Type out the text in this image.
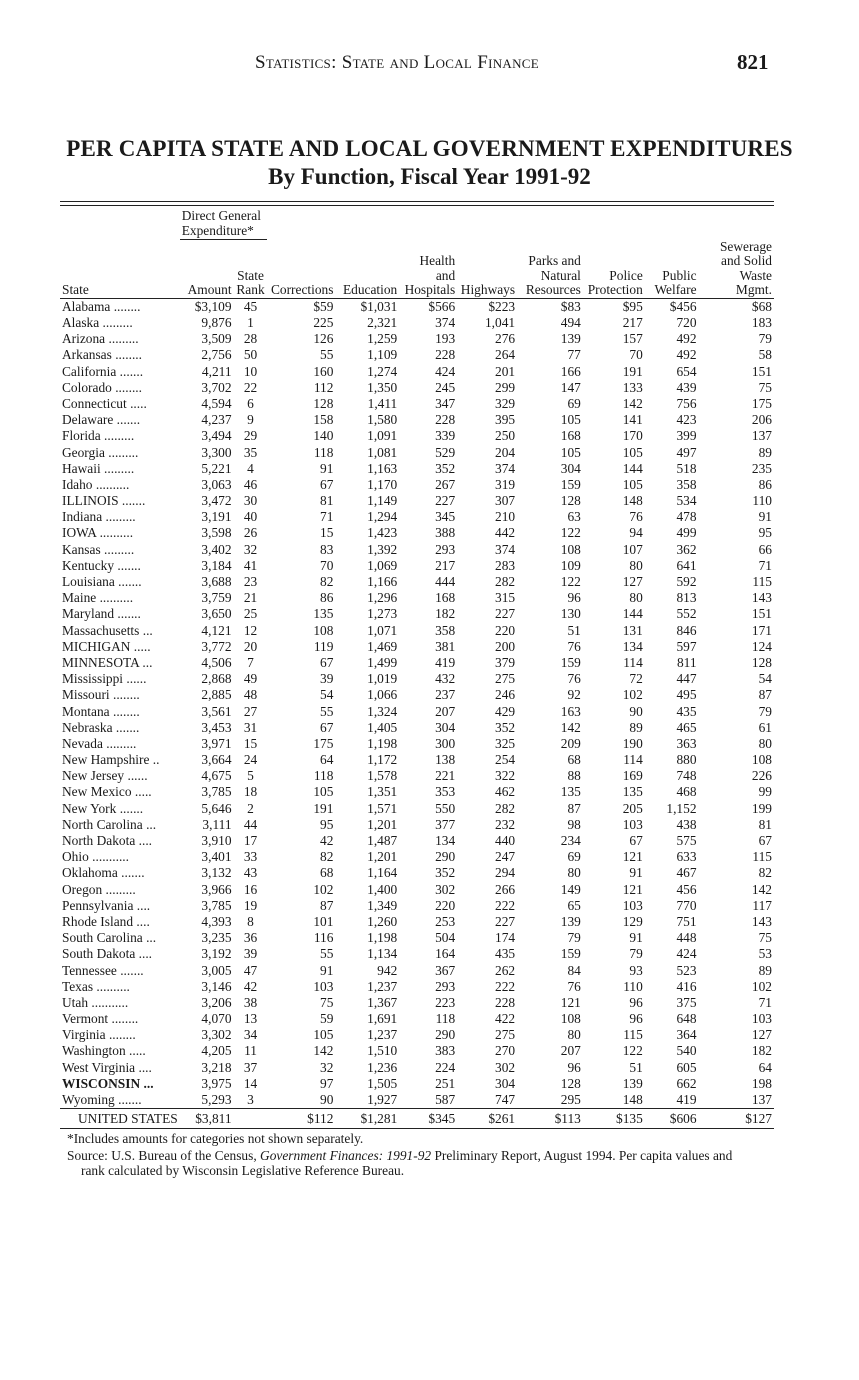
Statistics: State and Local Finance	821
PER CAPITA STATE AND LOCAL GOVERNMENT EXPENDITURES
By Function, Fiscal Year 1991-92
	Direct General Expenditure*									
State	Amount	State Rank	Corrections	Education	Health and Hospitals	Highways	Parks and Natural Resources	Police Protection	Public Welfare	Sewerage and Solid Waste Mgmt.
Alabama ........	$3,109	45	$59	$1,031	$566	$223	$83	$95	$456	$68
Alaska .........	9,876	1	225	2,321	374	1,041	494	217	720	183
Arizona .........	3,509	28	126	1,259	193	276	139	157	492	79
Arkansas ........	2,756	50	55	1,109	228	264	77	70	492	58
California .......	4,211	10	160	1,274	424	201	166	191	654	151
Colorado ........	3,702	22	112	1,350	245	299	147	133	439	75
Connecticut .....	4,594	6	128	1,411	347	329	69	142	756	175
Delaware .......	4,237	9	158	1,580	228	395	105	141	423	206
Florida .........	3,494	29	140	1,091	339	250	168	170	399	137
Georgia .........	3,300	35	118	1,081	529	204	105	105	497	89
Hawaii .........	5,221	4	91	1,163	352	374	304	144	518	235
Idaho ..........	3,063	46	67	1,170	267	319	159	105	358	86
ILLINOIS .......	3,472	30	81	1,149	227	307	128	148	534	110
Indiana .........	3,191	40	71	1,294	345	210	63	76	478	91
IOWA ..........	3,598	26	15	1,423	388	442	122	94	499	95
Kansas .........	3,402	32	83	1,392	293	374	108	107	362	66
Kentucky .......	3,184	41	70	1,069	217	283	109	80	641	71
Louisiana .......	3,688	23	82	1,166	444	282	122	127	592	115
Maine ..........	3,759	21	86	1,296	168	315	96	80	813	143
Maryland .......	3,650	25	135	1,273	182	227	130	144	552	151
Massachusetts ...	4,121	12	108	1,071	358	220	51	131	846	171
MICHIGAN .....	3,772	20	119	1,469	381	200	76	134	597	124
MINNESOTA ...	4,506	7	67	1,499	419	379	159	114	811	128
Mississippi ......	2,868	49	39	1,019	432	275	76	72	447	54
Missouri ........	2,885	48	54	1,066	237	246	92	102	495	87
Montana ........	3,561	27	55	1,324	207	429	163	90	435	79
Nebraska .......	3,453	31	67	1,405	304	352	142	89	465	61
Nevada .........	3,971	15	175	1,198	300	325	209	190	363	80
New Hampshire ..	3,664	24	64	1,172	138	254	68	114	880	108
New Jersey ......	4,675	5	118	1,578	221	322	88	169	748	226
New Mexico .....	3,785	18	105	1,351	353	462	135	135	468	99
New York .......	5,646	2	191	1,571	550	282	87	205	1,152	199
North Carolina ...	3,111	44	95	1,201	377	232	98	103	438	81
North Dakota ....	3,910	17	42	1,487	134	440	234	67	575	67
Ohio ...........	3,401	33	82	1,201	290	247	69	121	633	115
Oklahoma .......	3,132	43	68	1,164	352	294	80	91	467	82
Oregon .........	3,966	16	102	1,400	302	266	149	121	456	142
Pennsylvania ....	3,785	19	87	1,349	220	222	65	103	770	117
Rhode Island ....	4,393	8	101	1,260	253	227	139	129	751	143
South Carolina ...	3,235	36	116	1,198	504	174	79	91	448	75
South Dakota ....	3,192	39	55	1,134	164	435	159	79	424	53
Tennessee .......	3,005	47	91	942	367	262	84	93	523	89
Texas ..........	3,146	42	103	1,237	293	222	76	110	416	102
Utah ...........	3,206	38	75	1,367	223	228	121	96	375	71
Vermont ........	4,070	13	59	1,691	118	422	108	96	648	103
Virginia ........	3,302	34	105	1,237	290	275	80	115	364	127
Washington .....	4,205	11	142	1,510	383	270	207	122	540	182
West Virginia ....	3,218	37	32	1,236	224	302	96	51	605	64
WISCONSIN ...	3,975	14	97	1,505	251	304	128	139	662	198
Wyoming .......	5,293	3	90	1,927	587	747	295	148	419	137
UNITED STATES	$3,811		$112	$1,281	$345	$261	$113	$135	$606	$127
*Includes amounts for categories not shown separately.
Source: U.S. Bureau of the Census, Government Finances: 1991-92 Preliminary Report, August 1994. Per capita values and
rank calculated by Wisconsin Legislative Reference Bureau.
